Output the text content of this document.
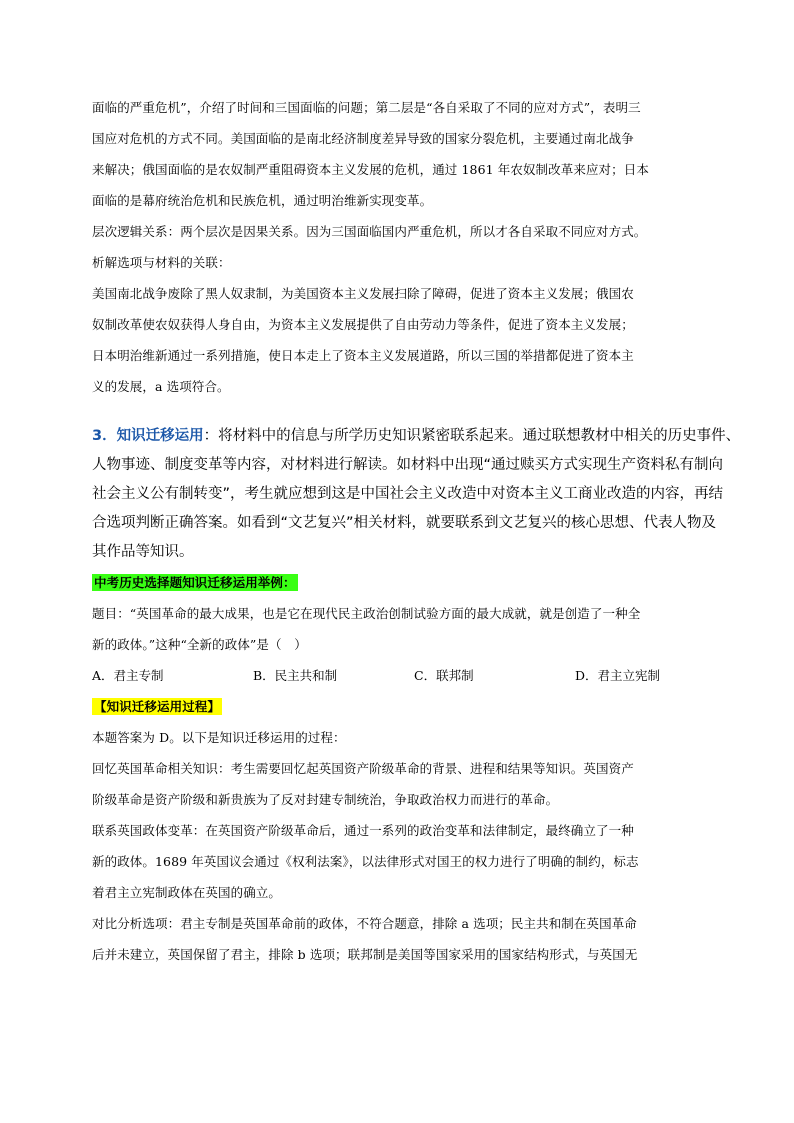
面临的严重危机”，介绍了时间和三国面临的问题；第二层是“各自采取了不同的应对方式”，表明三
国应对危机的方式不同。美国面临的是南北经济制度差异导致的国家分裂危机，主要通过南北战争
来解决；俄国面临的是农奴制严重阻碍资本主义发展的危机，通过 1861 年农奴制改革来应对；日本
面临的是幕府统治危机和民族危机，通过明治维新实现变革。

层次逻辑关系：两个层次是因果关系。因为三国面临国内严重危机，所以才各自采取不同应对方式。

析解选项与材料的关联：

美国南北战争废除了黑人奴隶制，为美国资本主义发展扫除了障碍，促进了资本主义发展；俄国农
奴制改革使农奴获得人身自由，为资本主义发展提供了自由劳动力等条件，促进了资本主义发展；
日本明治维新通过一系列措施，使日本走上了资本主义发展道路，所以三国的举措都促进了资本主
义的发展，a 选项符合。

3．知识迁移运用：将材料中的信息与所学历史知识紧密联系起来。通过联想教材中相关的历史事件、
人物事迹、制度变革等内容，对材料进行解读。如材料中出现“通过赎买方式实现生产资料私有制向
社会主义公有制转变”，考生就应想到这是中国社会主义改造中对资本主义工商业改造的内容，再结
合选项判断正确答案。如看到“文艺复兴”相关材料，就要联系到文艺复兴的核心思想、代表人物及
其作品等知识。

中考历史选择题知识迁移运用举例：

题目：“英国革命的最大成果，也是它在现代民主政治创制试验方面的最大成就，就是创造了一种全
新的政体。”这种“全新的政体”是（　）

A．君主专制	B．民主共和制	C．联邦制	D．君主立宪制

【知识迁移运用过程】

本题答案为 D。以下是知识迁移运用的过程：

回忆英国革命相关知识：考生需要回忆起英国资产阶级革命的背景、进程和结果等知识。英国资产
阶级革命是资产阶级和新贵族为了反对封建专制统治，争取政治权力而进行的革命。

联系英国政体变革：在英国资产阶级革命后，通过一系列的政治变革和法律制定，最终确立了一种
新的政体。1689 年英国议会通过《权利法案》，以法律形式对国王的权力进行了明确的制约，标志
着君主立宪制政体在英国的确立。

对比分析选项：君主专制是英国革命前的政体，不符合题意，排除 a 选项；民主共和制在英国革命
后并未建立，英国保留了君主，排除 b 选项；联邦制是美国等国家采用的国家结构形式，与英国无
